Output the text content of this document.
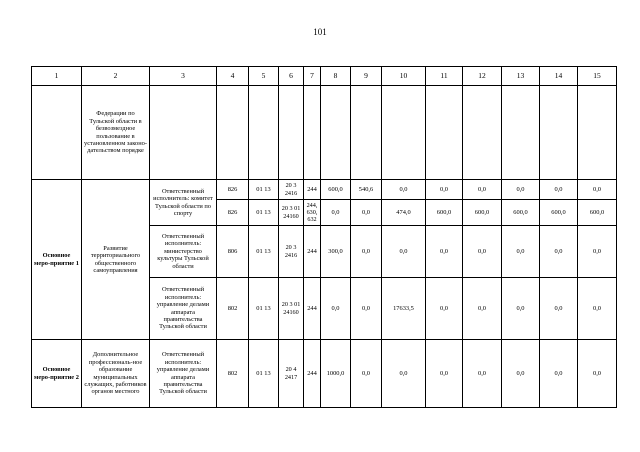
101
1	2	3	4	5	6	7	8	9	10	11	12	13	14	15
	Федерации по Тульской области в безвозмездное пользование в установленном законо-дательством порядке													
Основное меро-приятие 1	Развитие территориального общественного самоуправления	Ответственный исполнитель: комитет Тульской области по спорту	826	01 13	20 3 2416	244	600,0	540,6	0,0	0,0	0,0	0,0	0,0	0,0
			826	01 13	20 3 01 24160	244, 630, 632	0,0	0,0	474,0	600,0	600,0	600,0	600,0	600,0
		Ответственный исполнитель: министерство культуры Тульской области	806	01 13	20 3 2416	244	300,0	0,0	0,0	0,0	0,0	0,0	0,0	0,0
		Ответственный исполнитель: управление делами аппарата правительства Тульской области	802	01 13	20 3 01 24160	244	0,0	0,0	17633,5	0,0	0,0	0,0	0,0	0,0
Основное меро-приятие 2	Дополнительное профессиональ-ное образование муниципальных служащих, работников органов местного	Ответственный исполнитель: управление делами аппарата правительства Тульской области	802	01 13	20 4 2417	244	1000,0	0,0	0,0	0,0	0,0	0,0	0,0	0,0
